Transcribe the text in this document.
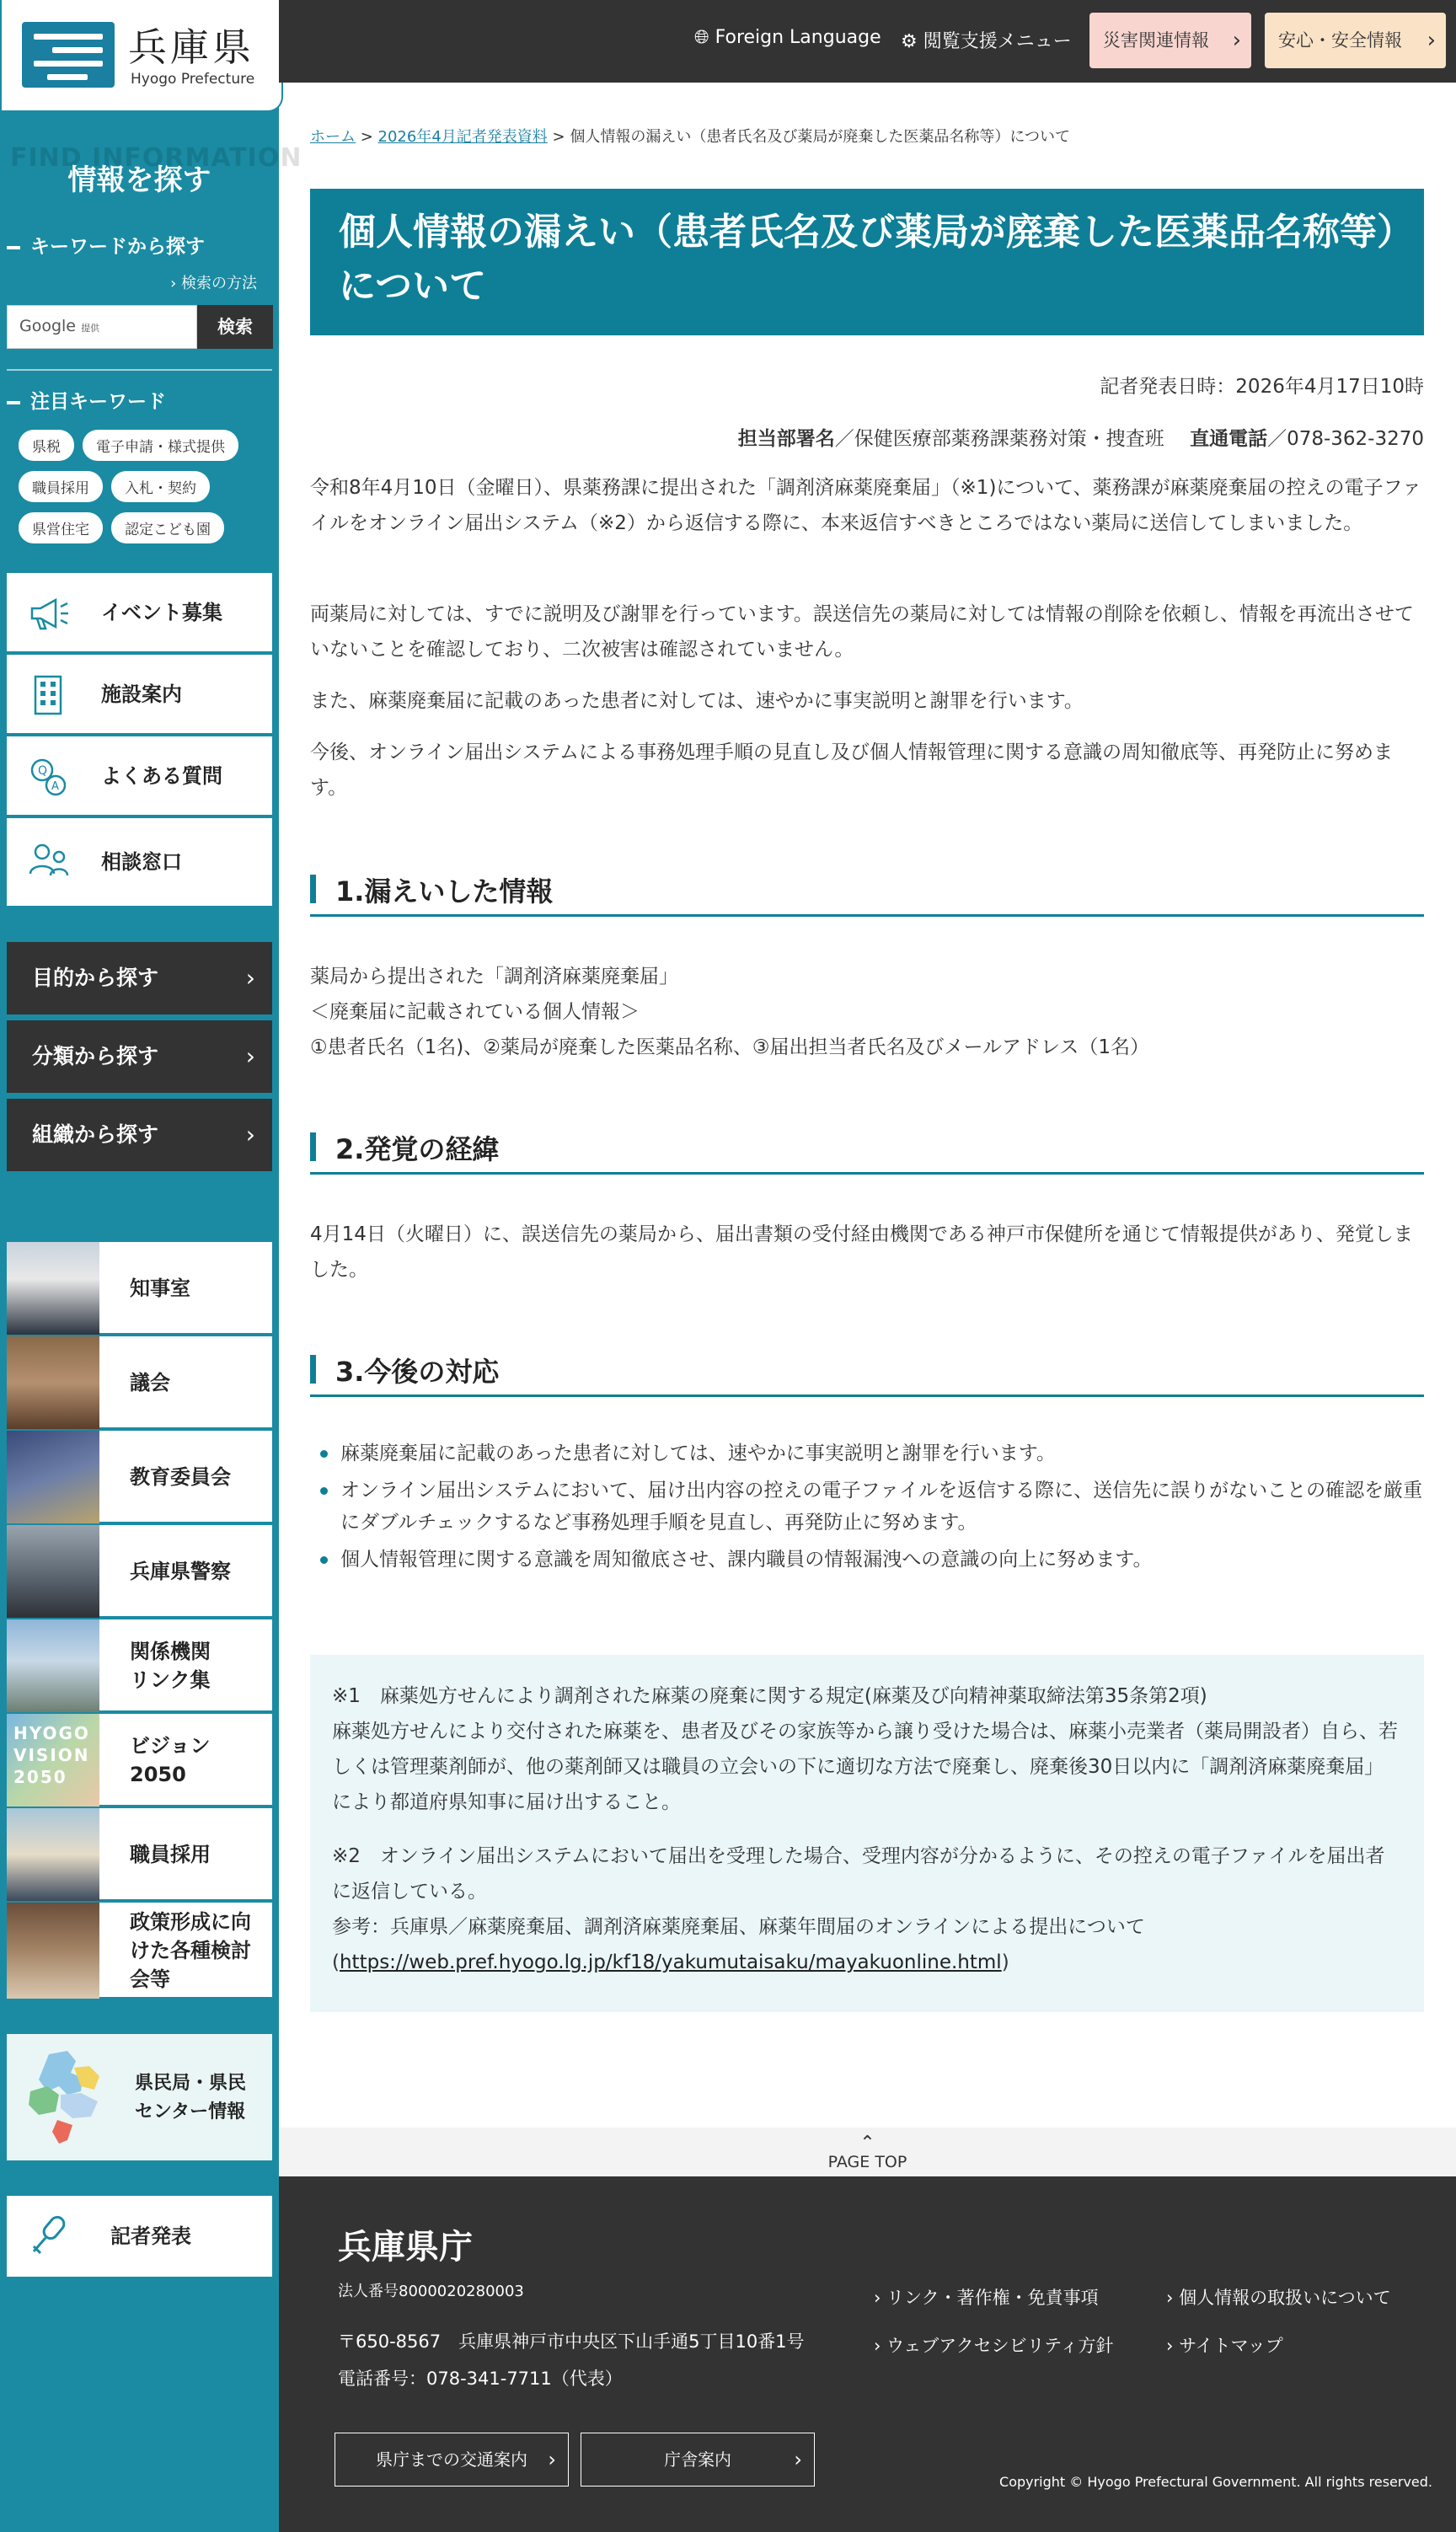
兵庫県
Hyogo Prefecture
FIND INFORMATION
情報を探す
キーワードから探す
› 検索の方法
Google 提供	検索
注目キーワード
県税	電子申請・様式提供
職員採用	入札・契約
県営住宅	認定こども園
イベント募集
施設案内
Q
A よくある質問
相談窓口
目的から探す	›
分類から探す	›
組織から探す	›
知事室
議会
教育委員会
兵庫県警察
関係機関
リンク集
HYOGO
VISION
2050
ビジョン
2050
職員採用
政策形成に向
けた各種検討
会等
県民局・県民
センター情報
記者発表
🌐︎ Foreign Language ⚙ 閲覧支援メニュー	災害関連情報 ›	安心・安全情報 ›
ホーム > 2026年4月記者発表資料 > 個人情報の漏えい（患者氏名及び薬局が廃棄した医薬品名称等）について
個人情報の漏えい（患者氏名及び薬局が廃棄した医薬品名称等）について
記者発表日時：2026年4月17日10時
担当部署名／保健医療部薬務課薬務対策・捜査班　 直通電話／078-362-3270

令和8年4月10日（金曜日）、県薬務課に提出された「調剤済麻薬廃棄届」（※1)について、薬務課が麻薬廃棄届の控えの電子ファイルをオンライン届出システム（※2）から返信する際に、本来返信すべきところではない薬局に送信してしまいました。

両薬局に対しては、すでに説明及び謝罪を行っています。誤送信先の薬局に対しては情報の削除を依頼し、情報を再流出させていないことを確認しており、二次被害は確認されていません。

また、麻薬廃棄届に記載のあった患者に対しては、速やかに事実説明と謝罪を行います。

今後、オンライン届出システムによる事務処理手順の見直し及び個人情報管理に関する意識の周知徹底等、再発防止に努めます。

1.漏えいした情報

薬局から提出された「調剤済麻薬廃棄届」

＜廃棄届に記載されている個人情報＞

①患者氏名（1名)、②薬局が廃棄した医薬品名称、③届出担当者氏名及びメールアドレス（1名）

2.発覚の経緯

4月14日（火曜日）に、誤送信先の薬局から、届出書類の受付経由機関である神戸市保健所を通じて情報提供があり、発覚しました。

3.今後の対応
麻薬廃棄届に記載のあった患者に対しては、速やかに事実説明と謝罪を行います。
オンライン届出システムにおいて、届け出内容の控えの電子ファイルを返信する際に、送信先に誤りがないことの確認を厳重にダブルチェックするなど事務処理手順を見直し、再発防止に努めます。
個人情報管理に関する意識を周知徹底させ、課内職員の情報漏洩への意識の向上に努めます。

※1　麻薬処方せんにより調剤された麻薬の廃棄に関する規定(麻薬及び向精神薬取締法第35条第2項)

麻薬処方せんにより交付された麻薬を、患者及びその家族等から譲り受けた場合は、麻薬小売業者（薬局開設者）自ら、若しくは管理薬剤師が、他の薬剤師又は職員の立会いの下に適切な方法で廃棄し、廃棄後30日以内に「調剤済麻薬廃棄届」により都道府県知事に届け出すること。

※2　オンライン届出システムにおいて届出を受理した場合、受理内容が分かるように、その控えの電子ファイルを届出者に返信している。

参考：兵庫県／麻薬廃棄届、調剤済麻薬廃棄届、麻薬年間届のオンラインによる提出について

(https://web.pref.hyogo.lg.jp/kf18/yakumutaisaku/mayakuonline.html)

⌃
PAGE TOP
兵庫県庁
法人番号8000020280003
〒650-8567　兵庫県神戸市中央区下山手通5丁目10番1号
電話番号：078-341-7711（代表）
› リンク・著作権・免責事項	› 個人情報の取扱いについて
› ウェブアクセシビリティ方針	› サイトマップ
県庁までの交通案内 ›	庁舎案内	›
Copyright © Hyogo Prefectural Government. All rights reserved.
